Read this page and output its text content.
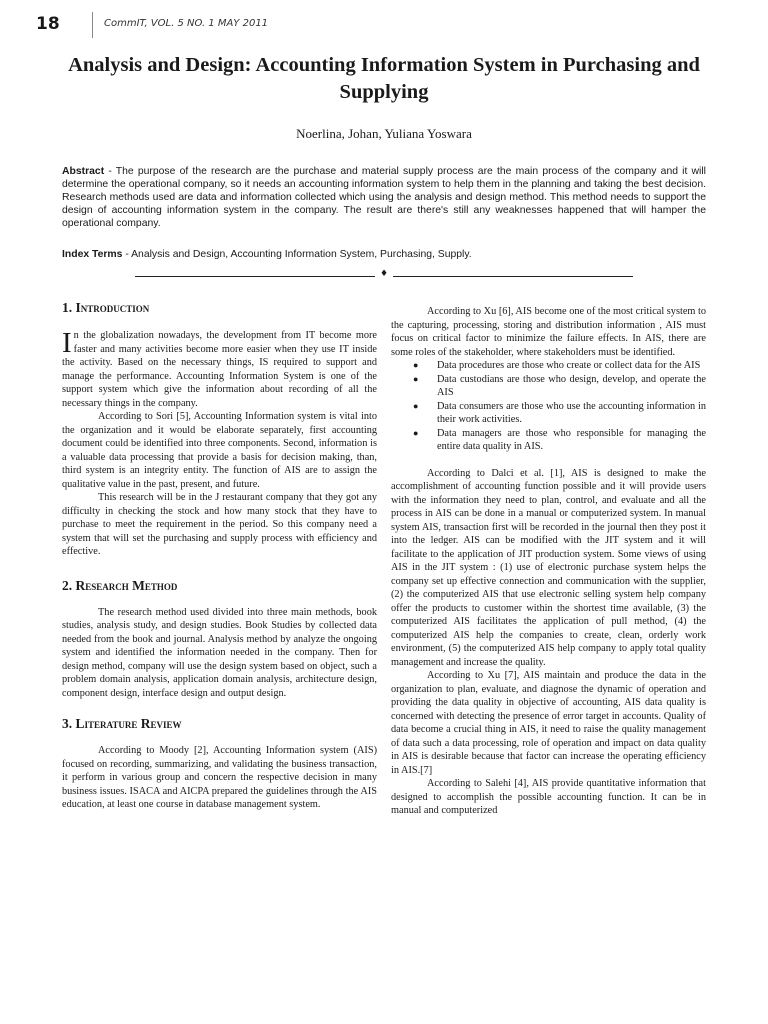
18	CommIT, VOL. 5 NO. 1 MAY 2011
Analysis and Design: Accounting Information System in Purchasing and Supplying
Noerlina, Johan, Yuliana Yoswara
Abstract - The purpose of the research are the purchase and material supply process are the main process of the company and it will determine the operational company, so it needs an accounting information system to help them in the planning and taking the best decision. Research methods used are data and information collected which using the analysis and design method. This method needs to support the design of accounting information system in the company. The result are there's still any weaknesses happened that will hamper the operational company.
Index Terms - Analysis and Design, Accounting Information System, Purchasing, Supply.
♦
1. Introduction

In the globalization nowadays, the development from IT become more faster and many activities become more easier when they use IT inside the activity. Based on the necessary things, IS required to support and manage the performance. Accounting Information System is one of the support system which give the information about recording of all the necessary things in the company.

According to Sori [5], Accounting Information system is vital into the organization and it would be elaborate separately, first accounting document could be identified into three components. Second, information is a valuable data processing that provide a basis for decision making, than, third system is an integrity entity. The function of AIS are to assign the qualitative value in the past, present, and future.

This research will be in the J restaurant company that they got any difficulty in checking the stock and how many stock that they have to purchase to meet the requirement in the period. So this company need a system that will set the purchasing and supply process with efficiency and effective.

2. Research Method

The research method used divided into three main methods, book studies, analysis study, and design studies. Book Studies by collected data needed from the book and journal. Analysis method by analyze the ongoing system and identified the information needed in the company. Then for design method, company will use the design system based on object, such a problem domain analysis, application domain analysis, architecture design, component design, interface design and output design.

3. Literature Review

According to Moody [2], Accounting Information system (AIS) focused on recording, summarizing, and validating the business transaction, it perform in various group and concern the respective decision in many business issues. ISACA and AICPA prepared the guidelines through the AIS education, at least one course in database management system.

According to Xu [6], AIS become one of the most critical system to the capturing, processing, storing and distribution information , AIS must focus on critical factor to minimize the failure effects. In AIS, there are some roles of the stakeholder, where stakeholders must be identified.

● Data procedures are those who create or collect data for the AIS
● Data custodians are those who design, develop, and operate the AIS
● Data consumers are those who use the accounting information in their work activities.
● Data managers are those who responsible for managing the entire data quality in AIS.

According to Dalci et al. [1], AIS is designed to make the accomplishment of accounting function possible and it will provide users with the information they need to plan, control, and evaluate and all the process in AIS can be done in a manual or computerized system. In manual system AIS, transaction first will be recorded in the journal then they post it into the ledger. AIS can be modified with the JIT system and it will facilitate to the application of JIT production system. Some views of using AIS in the JIT system : (1) use of electronic purchase system helps the company set up effective connection and communication with the supplier, (2) the computerized AIS that use electronic selling system help company offer the products to customer within the shortest time available, (3) the computerized AIS facilitates the application of pull method, (4) the computerized AIS help the companies to create, clean, orderly work environment, (5) the computerized AIS help company to apply total quality management and increase the quality.

According to Xu [7], AIS maintain and produce the data in the organization to plan, evaluate, and diagnose the dynamic of operation and providing the data quality in objective of accounting, AIS data quality is concerned with detecting the presence of error target in accounts. Quality of data become a crucial thing in AIS, it need to raise the quality management of data such a data processing, role of operation and impact on data quality in AIS is desirable because that factor can increase the operating efficiency in AIS.[7]

According to Salehi [4], AIS provide quantitative information that designed to accomplish the possible accounting function. It can be in manual and computerized
